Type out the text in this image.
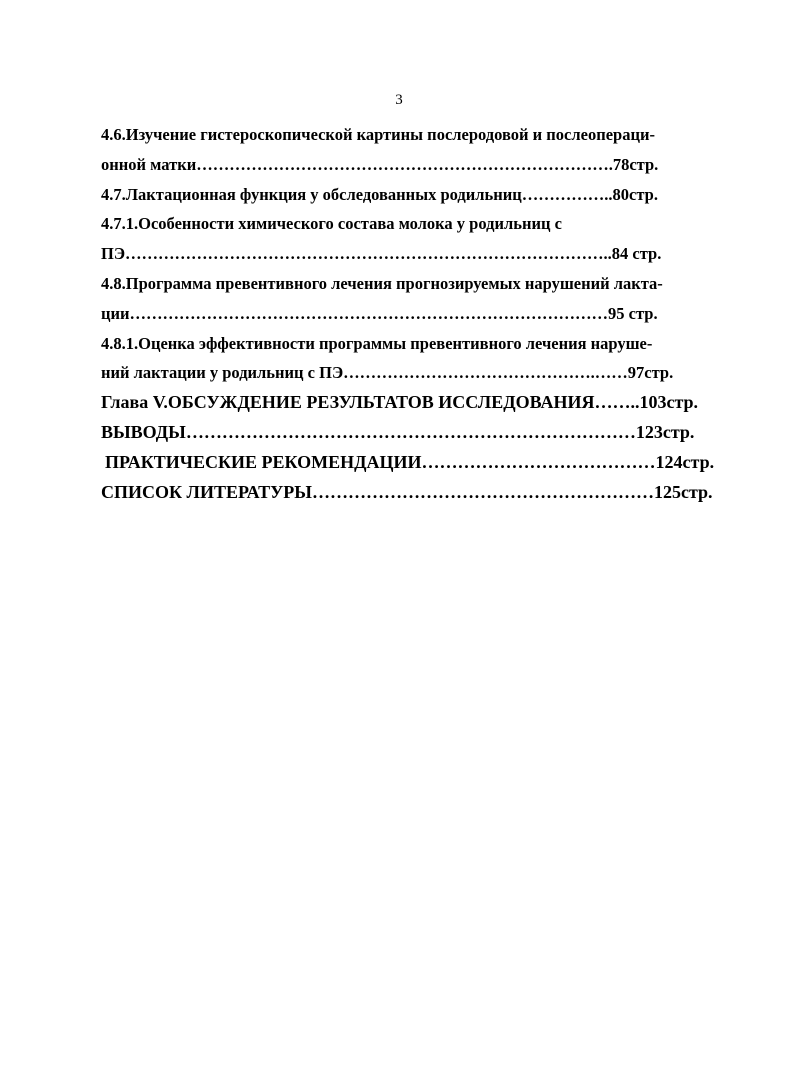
3
4.6.Изучение гистероскопической картины послеродовой и послеопераци-
онной матки………………………………………………………………….78стр.
4.7.Лактационная функция у обследованных родильниц……………..80стр.
4.7.1.Особенности химического состава молока у родильниц с
ПЭ……………………………………………………………………………..84 стр.
4.8.Программа превентивного лечения прогнозируемых нарушений лакта-
ции……………………………………………………………………………95 стр.
4.8.1.Оценка эффективности программы превентивного лечения наруше-
ний лактации у родильниц с ПЭ……………………………………….……97стр.
Глава V.ОБСУЖДЕНИЕ РЕЗУЛЬТАТОВ ИССЛЕДОВАНИЯ……..103стр.
ВЫВОДЫ…………………………………………………………………123стр.
ПРАКТИЧЕСКИЕ РЕКОМЕНДАЦИИ…………………………………124стр.
СПИСОК ЛИТЕРАТУРЫ…………………………………………………125стр.
